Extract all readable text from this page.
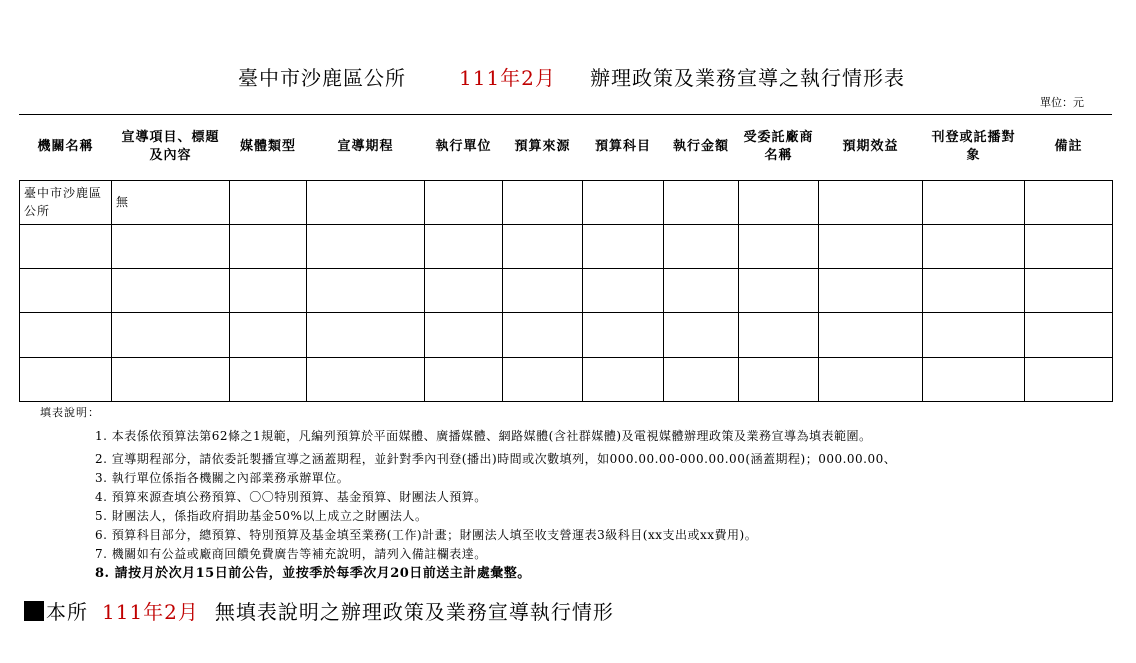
臺中市沙鹿區公所	111年2月 辦理政策及業務宣導之執行情形表
單位：元
機關名稱	宣導項目、標題及內容	媒體類型	宣導期程	執行單位	預算來源	預算科目	執行金額	受委託廠商名稱	預期效益	刊登或託播對象	備註
臺中市沙鹿區公所	無										

填表說明：
1. 本表係依預算法第62條之1規範，凡編列預算於平面媒體、廣播媒體、網路媒體(含社群媒體)及電視媒體辦理政策及業務宣導為填表範圍。
2. 宣導期程部分，請依委託製播宣導之涵蓋期程，並針對季內刊登(播出)時間或次數填列，如000.00.00-000.00.00(涵蓋期程)；000.00.00、
3. 執行單位係指各機關之內部業務承辦單位。
4. 預算來源查填公務預算、〇〇特別預算、基金預算、財團法人預算。
5. 財團法人，係指政府捐助基金50%以上成立之財團法人。
6. 預算科目部分，總預算、特別預算及基金填至業務(工作)計畫；財團法人填至收支營運表3級科目(xx支出或xx費用)。
7. 機關如有公益或廠商回饋免費廣告等補充說明，請列入備註欄表達。
8. 請按月於次月15日前公告，並按季於每季次月20日前送主計處彙整。
本所 111年2月 無填表說明之辦理政策及業務宣導執行情形
